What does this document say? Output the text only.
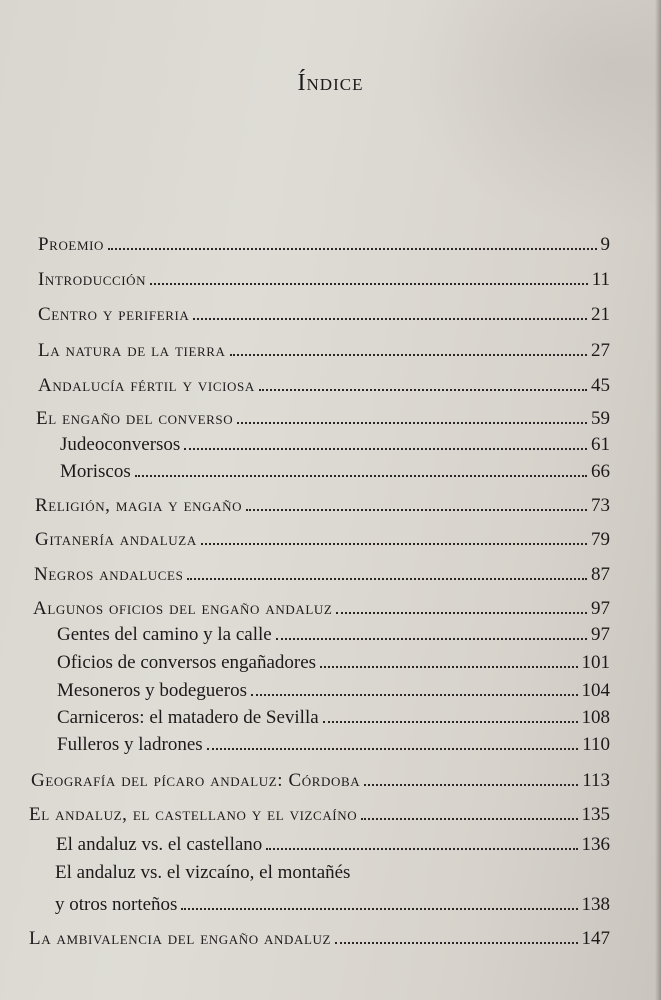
Índice
Proemio	9
Introducción	11
Centro y periferia	21
La natura de la tierra	27
Andalucía fértil y viciosa	45
El engaño del converso	59
Judeoconversos	61
Moriscos	66
Religión, magia y engaño	73
Gitanería andaluza	79
Negros andaluces	87
Algunos oficios del engaño andaluz	97
Gentes del camino y la calle	97
Oficios de conversos engañadores	101
Mesoneros y bodegueros	104
Carniceros: el matadero de Sevilla	108
Fulleros y ladrones	110
Geografía del pícaro andaluz: Córdoba	113
El andaluz, el castellano y el vizcaíno	135
El andaluz vs. el castellano	136
El andaluz vs. el vizcaíno, el montañés
y otros norteños	138
La ambivalencia del engaño andaluz	147
